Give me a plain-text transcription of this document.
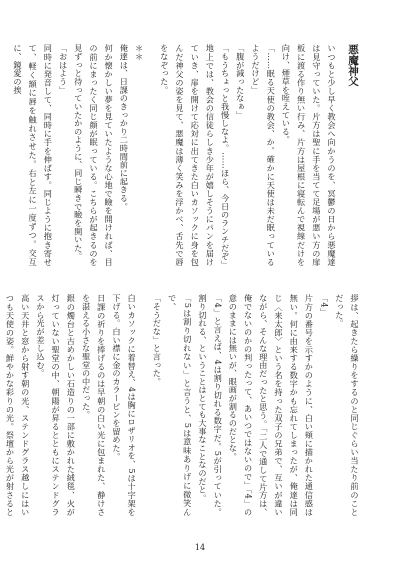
悪魔神父

いつもと少し早く教会へ向かうのを、冥鬱の日から悪魔達は見守っていた。片方は聖に手を当てて足場が悪い方の扉板に渡る作り無い行み、片方は屋根に寝転んで視線だけを向け、煙草を咥えている。

「……眠る天使の教会、か。確かに天使は未だ眠っているようだけど」

「腹が減ったなぁ」

「もうちょっと我慢しなよ。……ほら、今日のランチだぞ」

地上では、教会の信徒らしき少年が嬉しそうにパンを届けていき、扉を開けて応対に出てきた白いカソックに身を包んだ神父の姿を見て、悪魔は薄く笑みを浮かべ、舌先で唇をなぞった。

＊＊

俺達は、日課のきっかり二時間前に起きる。

何か懐かしい夢を見ていたような心地で瞼を開ければ、目の前にまったく同じ顔が眠っている。こちらが起きるのを見ずっと待っていたかのように、同じ瞬きで瞼を開いた。

「おはよう」

同時に発音して、同時に手を伸ばす。同じように抱き寄せて、軽く額に唇を触れさせた。右と左に一度ずつ。交互に、鏡愛の挨

拶は、起きたら繰りをするのと同じぐらい当たり前のことだった。

「4」

片方の番号を示すかのように、白い頬に描かれた通信感は無い。何に由来する数字かも忘れてしまったが、俺達は同じ〈来太郎〉という名を持った双子の兄弟で、互いが違いながら、そんな理由だったと思う。「二人で通して片方は、俺でないのかの判ったって、あいつではないので」「4」の意のままには無いが、眼画が割るのだとな。

「4」と言えば、4は割り切れる数字だ。5が引っていた。割り切れる、ということはとても大事なことなのだと。

「5は割り切れない」と言うと、5は意味ありげに微笑んで、

「そうだな」と言った。

白いカソックに着替え、4は胸にロザリオを、5は十字架を下げる。白い襟に金のカラーピンを留めた。

日課の祈りを捧げるのは早朝の白い光に包まれた、静けさを湛える小さな聖堂の中だった。

銀の燭台と古めかしい石造りの一部に敷かれた絨毯、火が灯っていない聖堂の中、朝陽が昇るとともにステンドグラスから光が差し込む。

高い天井と窓から射す朝の光、ステンドグラス越しにはいつも天使の姿。鮮やかな彩りの光。祭壇から光が射さると

14
